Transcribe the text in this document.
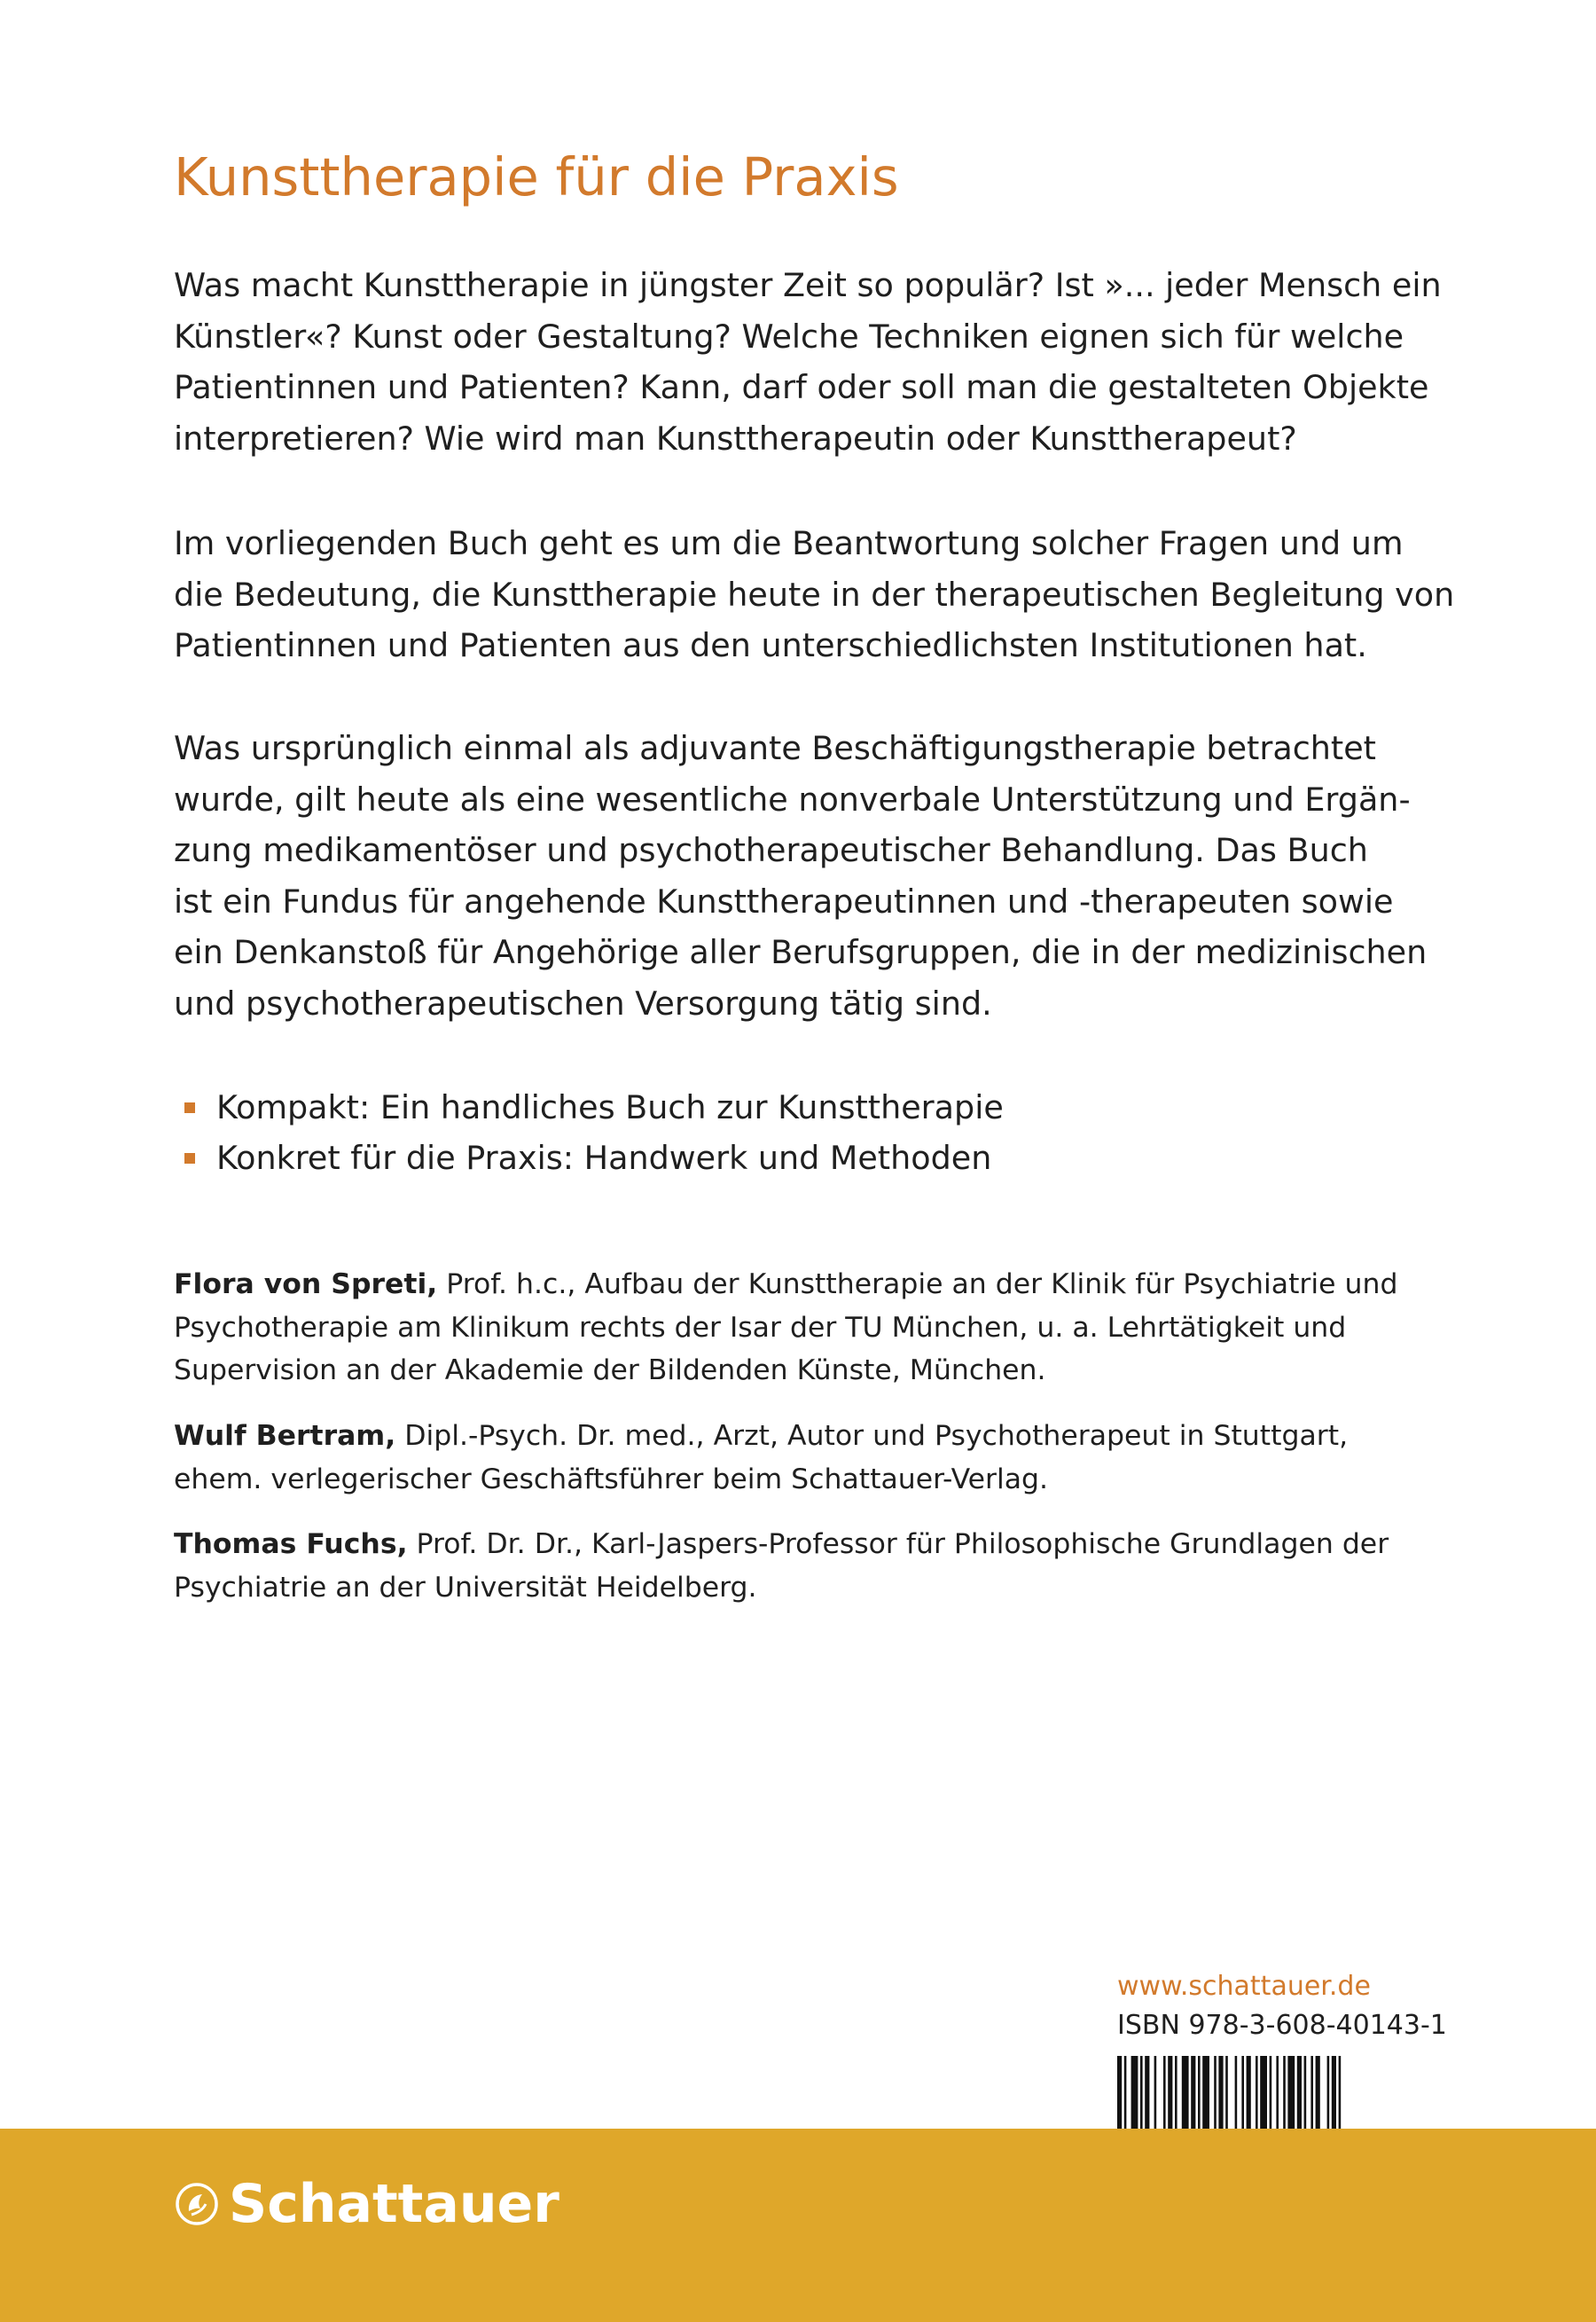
Kunsttherapie für die Praxis

Was macht Kunsttherapie in jüngster Zeit so populär? Ist »... jeder Mensch ein

Künstler«? Kunst oder Gestaltung? Welche Techniken eignen sich für welche

Patientinnen und Patienten? Kann, darf oder soll man die gestalteten Objekte

interpretieren? Wie wird man Kunsttherapeutin oder Kunsttherapeut?

Im vorliegenden Buch geht es um die Beantwortung solcher Fragen und um

die Bedeutung, die Kunsttherapie heute in der therapeutischen Begleitung von

Patientinnen und Patienten aus den unterschiedlichsten Institutionen hat.

Was ursprünglich einmal als adjuvante Beschäftigungstherapie betrachtet

wurde, gilt heute als eine wesentliche nonverbale Unterstützung und Ergän-

zung medikamentöser und psychotherapeutischer Behandlung. Das Buch

ist ein Fundus für angehende Kunsttherapeutinnen und -therapeuten sowie

ein Denkanstoß für Angehörige aller Berufsgruppen, die in der medizinischen

und psychotherapeutischen Versorgung tätig sind.

Kompakt: Ein handliches Buch zur Kunsttherapie
Konkret für die Praxis: Handwerk und Methoden

Flora von Spreti, Prof. h.c., Aufbau der Kunsttherapie an der Klinik für Psychiatrie und

Psychotherapie am Klinikum rechts der Isar der TU München, u. a. Lehrtätigkeit und

Supervision an der Akademie der Bildenden Künste, München.

Wulf Bertram, Dipl.-Psych. Dr. med., Arzt, Autor und Psychotherapeut in Stuttgart,

ehem. verlegerischer Geschäftsführer beim Schattauer-Verlag.

Thomas Fuchs, Prof. Dr. Dr., Karl-Jaspers-Professor für Philosophische Grundlagen der

Psychiatrie an der Universität Heidelberg.

www.schattauer.de
ISBN 978-3-608-40143-1
Schattauer
